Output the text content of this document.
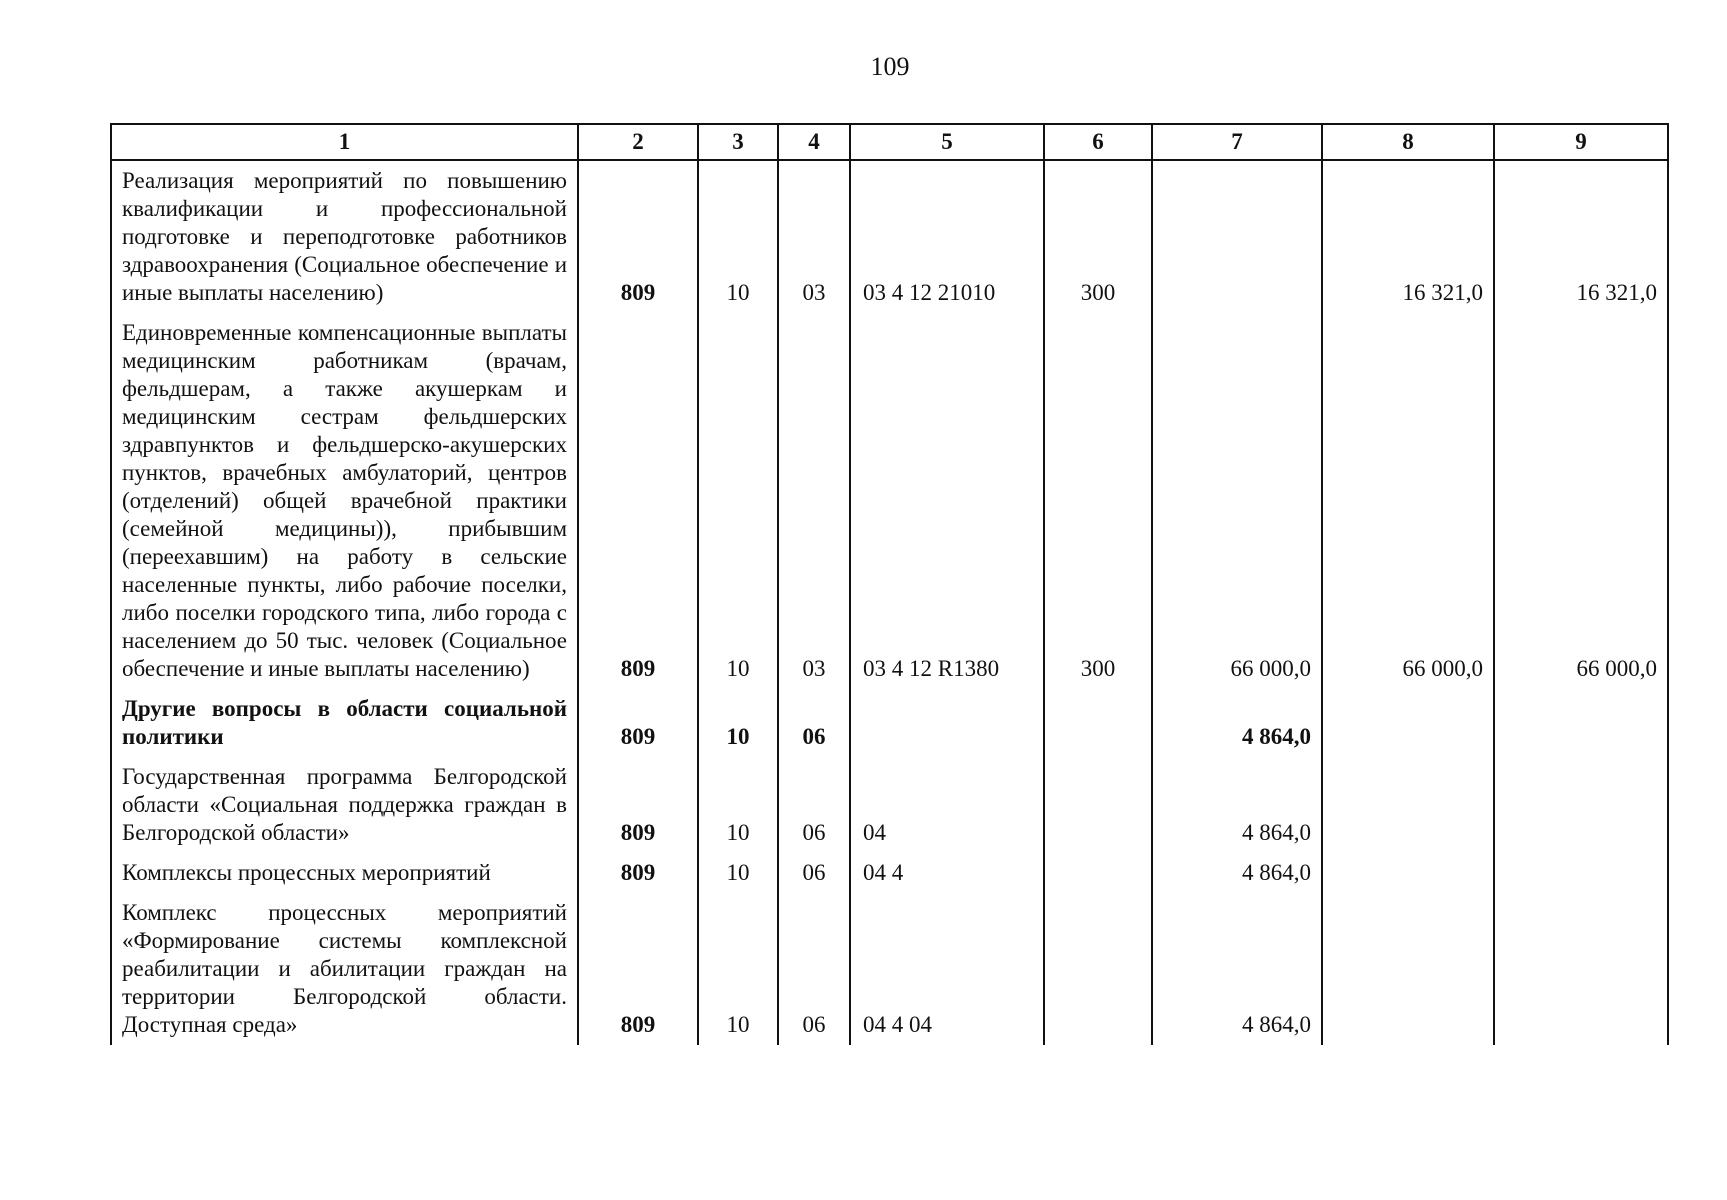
109
1	2	3	4	5	6	7	8	9
Реализация мероприятий по повышению квалификации и профессиональной подготовке и переподготовке работников здравоохранения (Социальное обеспечение и иные выплаты населению)	809	10	03	03 4 12 21010	300		16 321,0	16 321,0
Единовременные компенсационные выплаты медицинским работникам (врачам, фельдшерам, а также акушеркам и медицинским сестрам фельдшерских здравпунктов и фельдшерско-акушерских пунктов, врачебных амбулаторий, центров (отделений) общей врачебной практики (семейной медицины)), прибывшим (переехавшим) на работу в сельские населенные пункты, либо рабочие поселки, либо поселки городского типа, либо города с населением до 50 тыс. человек (Социальное обеспечение и иные выплаты населению)	809	10	03	03 4 12 R1380	300	66 000,0	66 000,0	66 000,0
Другие вопросы в области социальной политики	809	10	06			4 864,0		
Государственная программа Белгородской области «Социальная поддержка граждан в Белгородской области»	809	10	06	04		4 864,0		
Комплексы процессных мероприятий	809	10	06	04 4		4 864,0		
Комплекс процессных мероприятий «Формирование системы комплексной реабилитации и абилитации граждан на территории Белгородской области. Доступная среда»	809	10	06	04 4 04		4 864,0		
